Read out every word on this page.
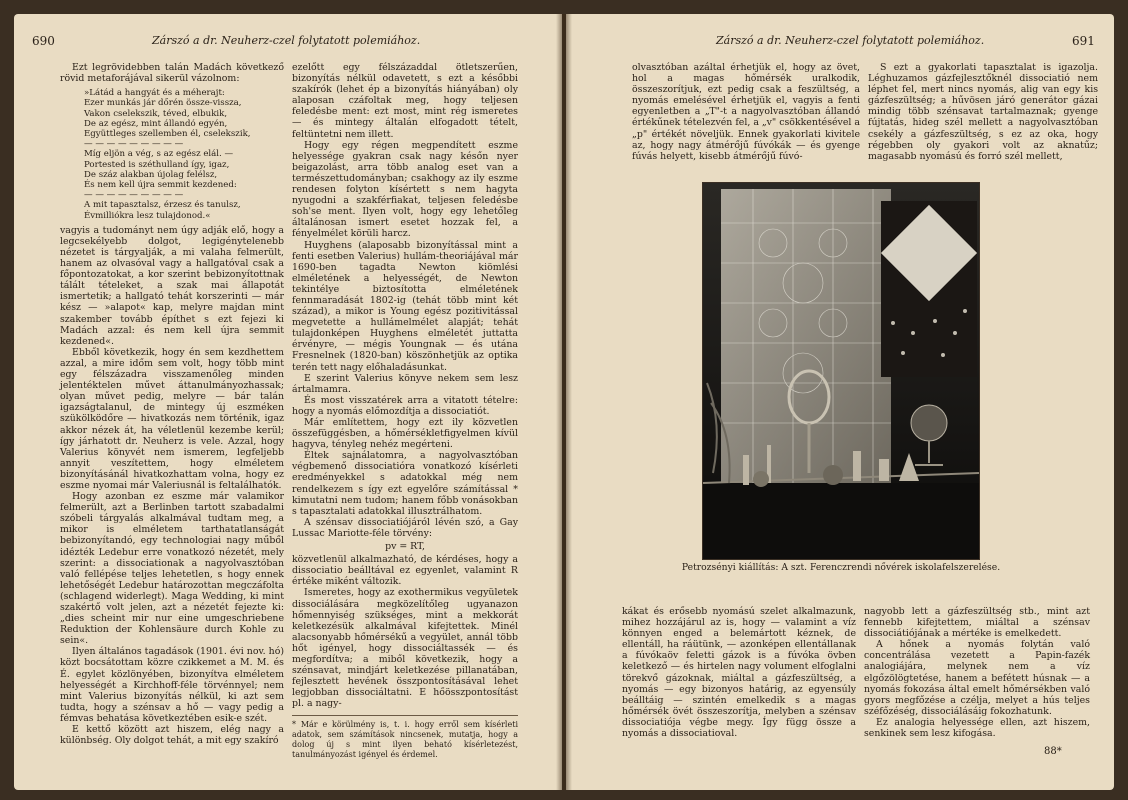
690	Zárszó a dr. Neuherz-czel folytatott polemiához.

Ezt legrövidebben talán Madách következő rövid metaforájával sikerül vázolnom:

»Látád a hangyát és a méherajt:
Ezer munkás jár dőrén össze-vissza,
Vakon cselekszik, téved, elbukik,
De az egész, mint állandó egyén,
Együttleges szellemben él, cselekszik,
— — — — — — — — —
Míg eljön a vég, s az egész elál. —
Portested is széthulland így, igaz,
De száz alakban újolag felélsz,
És nem kell újra semmit kezdened:
— — — — — — — — —
A mit tapasztalsz, érzesz és tanulsz,
Évmilliókra lesz tulajdonod.«

vagyis a tudományt nem úgy adják elő, hogy a legcsekélyebb dolgot, legigénytelenebb nézetet is tárgyalják, a mi valaha felmerült, hanem az olvasóval vagy a hallgatóval csak a főpontozatokat, a kor szerint bebizonyítottnak tálált tételeket, a szak mai állapotát ismertetik; a hallgató tehát korszerinti — már kész — »alapot« kap, melyre majdan mint szakember tovább építhet s ezt fejezi ki Madách azzal: és nem kell újra semmit kezdened«.

Ebből következik, hogy én sem kezdhettem azzal, a mire időm sem volt, hogy több mint egy félszázadra visszamenőleg minden jelentéktelen művet áttanulmányozhassak; olyan művet pedig, melyre — bár talán igazságtalanul, de mintegy új eszméken szükölködőre — hivatkozás nem történik, igaz akkor nézek át, ha véletlenül kezembe kerül; így járhatott dr. Neuherz is vele. Azzal, hogy Valerius könyvét nem ismerem, legfeljebb annyit veszítettem, hogy elméletem bizonyításánál hivatkozhattam volna, hogy ez eszme nyomai már Valeriusnál is feltalálhatók.

Hogy azonban ez eszme már valamikor felmerült, azt a Berlinben tartott szabadalmi szóbeli tárgyalás alkalmával tudtam meg, a mikor is elméletem tarthatatlanságát bebizonyítandó, egy technologiai nagy műből idézték Ledebur erre vonatkozó nézetét, mely szerint: a dissociationak a nagyolvasztóban való fellépése teljes lehetetlen, s hogy ennek lehetőségét Ledebur határozottan megczáfolta (schlagend widerlegt). Maga Wedding, ki mint szakértő volt jelen, azt a nézetét fejezte ki: „dies scheint mir nur eine umgeschriebene Reduktion der Kohlensäure durch Kohle zu sein«.

Ilyen általános tagadások (1901. évi nov. hó) közt bocsátottam közre czikkemet a M. M. és É. egylet közlönyében, bizonyítva elméletem helyességét a Kirchhoff-féle törvénnyel; nem mint Valerius bizonyítás nélkül, ki azt sem tudta, hogy a szénsav a hő — vagy pedig a fémvas behatása következtében esik-e szét.

E kettő között azt hiszem, elég nagy a különbség. Oly dolgot tehát, a mit egy szakíró

ezelőtt egy félszázaddal ötletszerűen, bizonyítás nélkül odavetett, s ezt a későbbi szakírók (lehet ép a bizonyítás hiányában) oly alaposan czáfoltak meg, hogy teljesen feledésbe ment: ezt most, mint rég ismeretes — és mintegy általán elfogadott tételt, feltüntetni nem illett.

Hogy egy régen megpendített eszme helyessége gyakran csak nagy későn nyer beigazolást, arra több analog eset van a természettudományban; csakhogy az ily eszme rendesen folyton kísértett s nem hagyta nyugodni a szakférfiakat, teljesen feledésbe soh'se ment. Ilyen volt, hogy egy lehetőleg általánosan ismert esetet hozzak fel, a fényelmélet körüli harcz.

Huyghens (alaposabb bizonyítással mint a fenti esetben Valerius) hullám-theoriájával már 1690-ben tagadta Newton kiömlési elméletének a helyességét, de Newton tekintélye biztosította elméletének fennmaradását 1802-ig (tehát több mint két század), a mikor is Young egész pozitivitással megvetette a hullámelmélet alapját; tehát tulajdonképen Huyghens elméletét juttatta érvényre, — mégis Youngnak — és utána Fresnelnek (1820-ban) köszönhetjük az optika terén tett nagy előhaladásunkat.

E szerint Valerius könyve nekem sem lesz ártalmamra.

És most visszatérek arra a vitatott tételre: hogy a nyomás előmozdítja a dissociatiót.

Már említettem, hogy ezt ily közvetlen összefüggésben, a hőmérsékletfigyelmen kívül hagyva, tényleg nehéz megérteni.

Éltek sajnálatomra, a nagyolvasztóban végbemenő dissociatióra vonatkozó kísérleti eredményekkel s adatokkal még nem rendelkezem s így ezt egyelőre számítással * kimutatni nem tudom; hanem főbb vonásokban s tapasztalati adatokkal illusztrálhatom.

A szénsav dissociatiójáról lévén szó, a Gay Lussac Mariotte-féle törvény:

pv = RT,

közvetlenül alkalmazható, de kérdéses, hogy a dissociatio beálltával ez egyenlet, valamint R értéke miként változik.

Ismeretes, hogy az exothermikus vegyületek dissociálására megközelítőleg ugyanazon hőmennyiség szükséges, mint a mekkorát keletkezésük alkalmával kifejtettek. Minél alacsonyabb hőmérsékű a vegyület, annál több hőt igényel, hogy dissociáltassék — és megfordítva; a miből következik, hogy a szénsavat, mindjárt keletkezése pillanatában, fejlesztett hevének összpontosításával lehet legjobban dissociáltatni. E hőösszpontosítást pl. a nagy-

* Már e körülmény is, t. i. hogy erről sem kísérleti adatok, sem számítások nincsenek, mutatja, hogy a dolog új s mint ilyen beható kísérletezést, tanulmányozást igényel és érdemel.
Zárszó a dr. Neuherz-czel folytatott polemiához.	691

olvasztóban azáltal érhetjük el, hogy az övet, hol a magas hőmérsék uralkodik, összeszorítjuk, ezt pedig csak a feszültség, a nyomás emelésével érhetjük el, vagyis a fenti egyenletben a „T"-t a nagyolvasztóban állandó értékűnek tételezvén fel, a „v" csökkentésével a „p" értékét növeljük. Ennek gyakorlati kivitele az, hogy nagy átmérőjű fúvókák — és gyenge fúvás helyett, kisebb átmérőjű fúvó-

S ezt a gyakorlati tapasztalat is igazolja. Léghuzamos gázfejlesztőknél dissociatió nem léphet fel, mert nincs nyomás, alig van egy kis gázfeszültség; a hűvösen járó generátor gázai mindig több szénsavat tartalmaznak; gyenge fújtatás, hideg szél mellett a nagyolvasztóban csekély a gázfeszültség, s ez az oka, hogy régebben oly gyakori volt az aknatűz; magasabb nyomású és forró szél mellett,

Petrozsényi kiállítás: A szt. Ferenczrendi nővérek iskolafelszerelése.

kákat és erősebb nyomású szelet alkalmazunk, mihez hozzájárul az is, hogy — valamint a víz könnyen enged a belemártott kéznek, de ellentáll, ha ráütünk, — azonképen ellentállanak a fúvókaöv feletti gázok is a fúvóka övben keletkező — és hirtelen nagy volument elfoglalni törekvő gázoknak, miáltal a gázfeszültség, a nyomás — egy bizonyos határig, az egyensúly beálltáig — szintén emelkedik s a magas hőmérsék övét összeszorítja, melyben a szénsav dissociatiója végbe megy. Így függ össze a nyomás a dissociatioval.

nagyobb lett a gázfeszültség stb., mint azt fennebb kifejtettem, miáltal a szénsav dissociátiójának a mértéke is emelkedett.

A hőnek a nyomás folytán való concentrálása vezetett a Papin-fazék analogiájára, melynek nem a víz elgőzölögtetése, hanem a befétett húsnak — a nyomás fokozása által emelt hőmérsékben való gyors megfőzése a czélja, melyet a hús teljes széfőzéség, dissociálásáig fokozhatunk.

Ez analogia helyessége ellen, azt hiszem, senkinek sem lesz kifogása.

88*
